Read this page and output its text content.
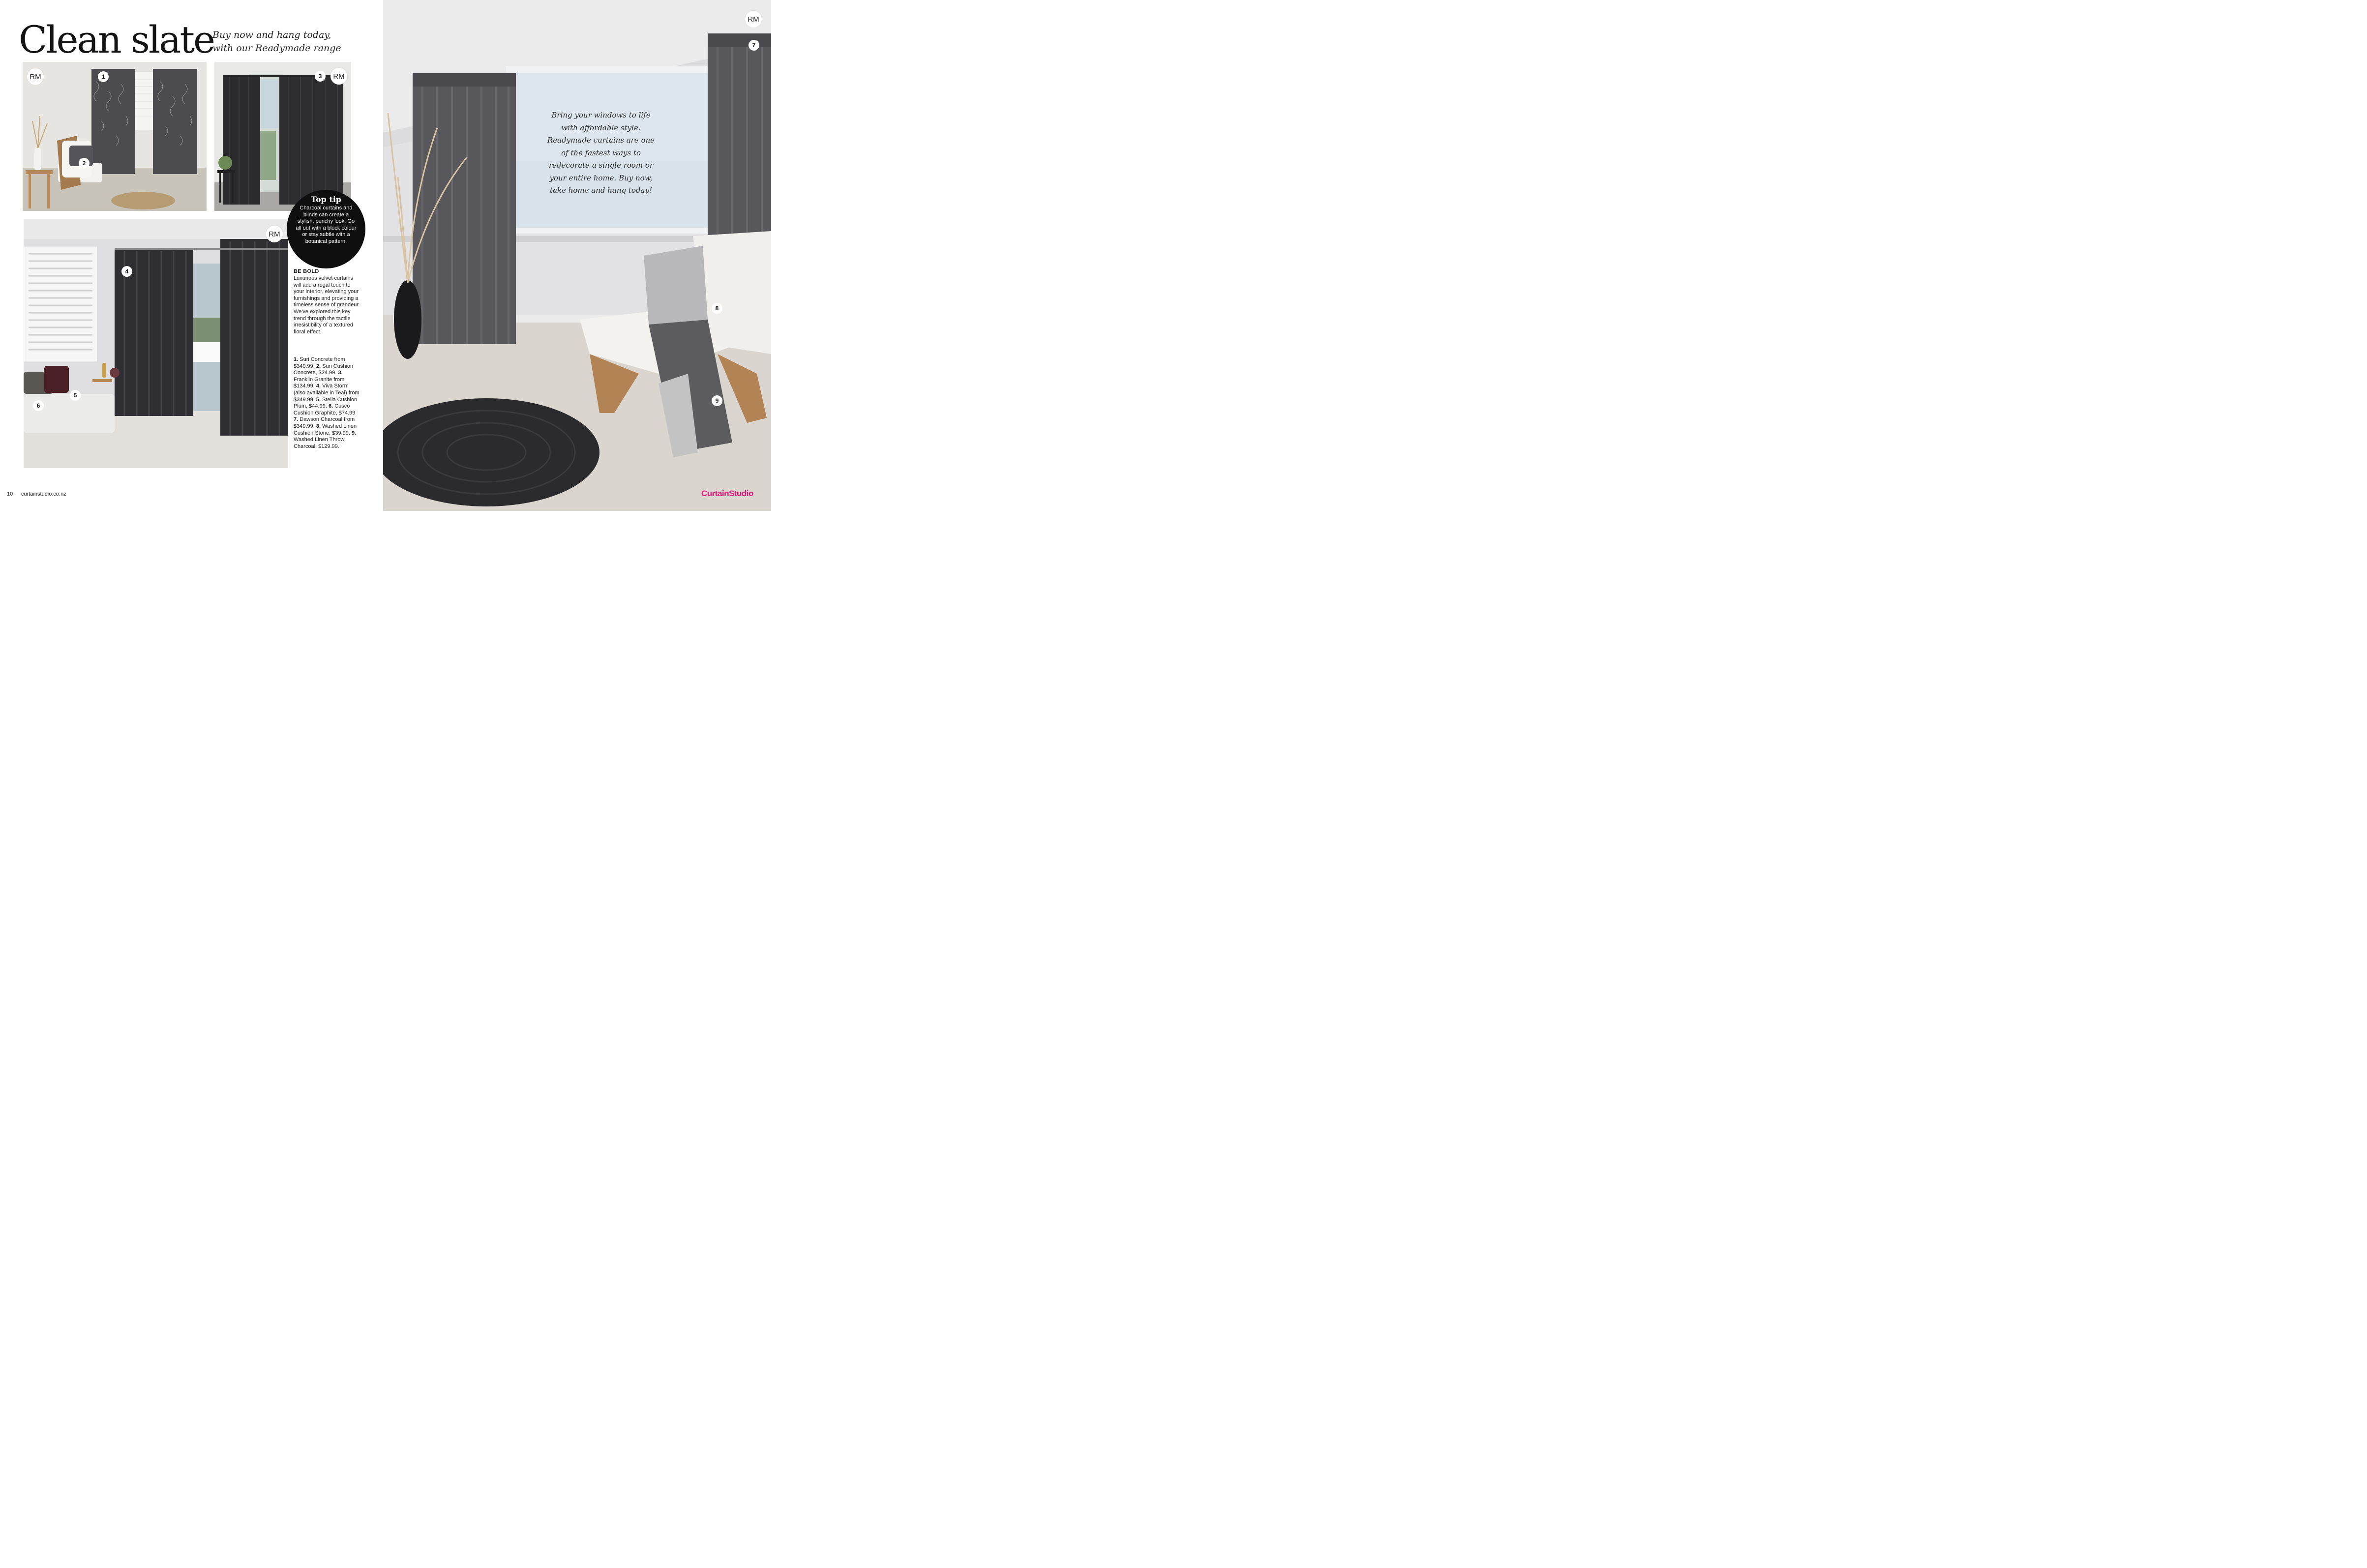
Clean slate
Buy now and hang today,
with our Readymade range
RM	1
2
3	RM
RM
4
5
6
Top tip
Charcoal curtains and blinds can create a stylish, punchy look. Go all out with a block colour or stay subtle with a botanical pattern.
BE BOLD
Luxurious velvet curtains will add a regal touch to your interior, elevating your furnishings and providing a timeless sense of grandeur. We've explored this key trend through the tactile irresistibility of a textured floral effect.
1. Suri Concrete from $349.99. 2. Suri Cushion Concrete, $24.99. 3. Franklin Granite from $134.99. 4. Viva Storm (also available in Teal) from $349.99. 5. Stella Cushion Plum, $44.99. 6. Cusco Cushion Graphite, $74.99 7. Dawson Charcoal from $349.99. 8. Washed Linen Cushion Stone, $39.99. 9. Washed Linen Throw Charcoal, $129.99.
10 curtainstudio.co.nz
RM
7
8
9
Bring your windows to life with affordable style. Readymade curtains are one of the fastest ways to redecorate a single room or your entire home. Buy now, take home and hang today!
CurtainStudio
